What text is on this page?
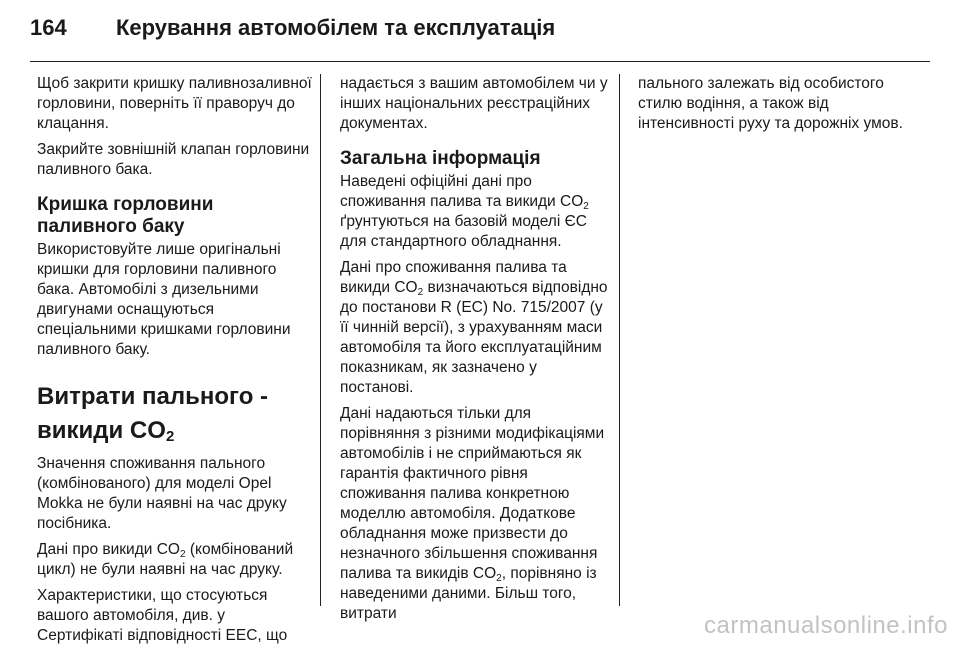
164	Керування автомобілем та експлуатація

Щоб закрити кришку паливнозаливної горловини, поверніть її праворуч до клацання.

Закрийте зовнішній клапан горловини паливного бака.

Кришка горловини паливного баку

Використовуйте лише оригінальні кришки для горловини паливного бака. Автомобілі з дизельними двигунами оснащуються спеціальними кришками горловини паливного баку.

Витрати пального - викиди $CO_2$

Значення споживання пального (комбінованого) для моделі Opel Mokka не були наявні на час друку посібника.

Дані про викиди $CO_2$ (комбінований цикл) не були наявні на час друку.

Характеристики, що стосуються вашого автомобіля, див. у Сертифікаті відповідності EEC, що

надається з вашим автомобілем чи у інших національних реєстраційних документах.

Загальна інформація

Наведені офіційні дані про споживання палива та викиди $CO_2$ ґрунтуються на базовій моделі ЄС для стандартного обладнання.

Дані про споживання палива та викиди $CO_2$ визначаються відповідно до постанови R (EC) No. 715/2007 (у її чинній версії), з урахуванням маси автомобіля та його експлуатаційним показникам, як зазначено у постанові.

Дані надаються тільки для порівняння з різними модифікаціями автомобілів і не сприймаються як гарантія фактичного рівня споживання палива конкретною моделлю автомобіля. Додаткове обладнання може призвести до незначного збільшення споживання палива та викидів $CO_2$, порівняно із наведеними даними. Більш того, витрати

пального залежать від особистого стилю водіння, а також від інтенсивності руху та дорожніх умов.

carmanualsonline.info
